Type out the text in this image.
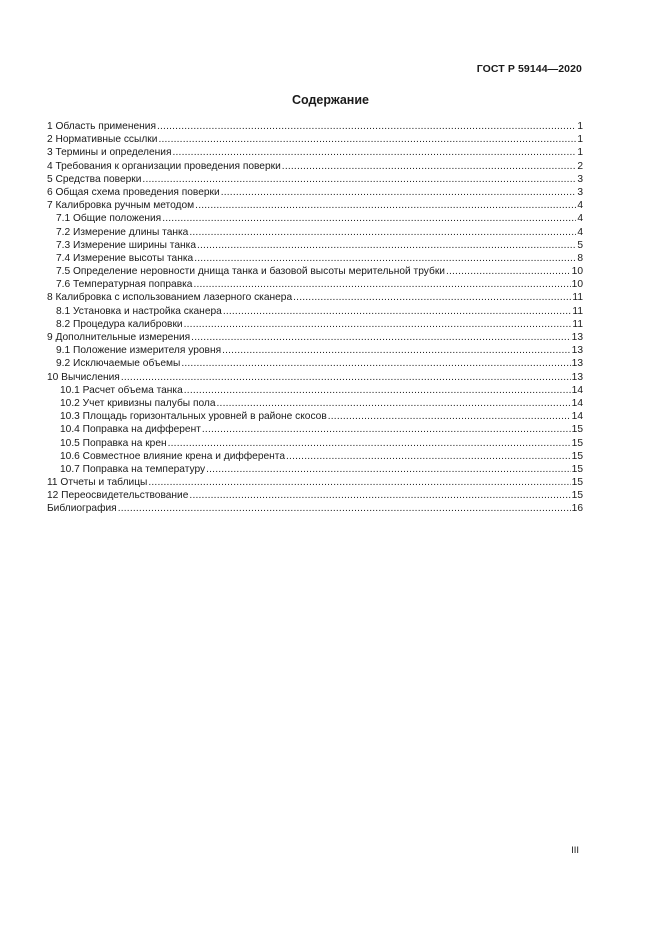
ГОСТ Р 59144—2020
Содержание
1 Область применения .....	1
2 Нормативные ссылки .....	1
3 Термины и определения .....	1
4 Требования к организации проведения поверки .....	2
5 Средства поверки .....	3
6 Общая схема проведения поверки .....	3
7 Калибровка ручным методом .....	4
7.1 Общие положения .....	4
7.2 Измерение длины танка .....	4
7.3 Измерение ширины танка .....	5
7.4 Измерение высоты танка .....	8
7.5 Определение неровности днища танка и базовой высоты мерительной трубки .....	10
7.6 Температурная поправка .....	10
8 Калибровка с использованием лазерного сканера .....	11
8.1 Установка и настройка сканера .....	11
8.2 Процедура калибровки .....	11
9 Дополнительные измерения .....	13
9.1 Положение измерителя уровня .....	13
9.2 Исключаемые объемы .....	13
10 Вычисления .....	13
10.1 Расчет объема танка .....	14
10.2 Учет кривизны палубы пола .....	14
10.3 Площадь горизонтальных уровней в районе скосов .....	14
10.4 Поправка на дифферент .....	15
10.5 Поправка на крен .....	15
10.6 Совместное влияние крена и дифферента .....	15
10.7 Поправка на температуру .....	15
11 Отчеты и таблицы .....	15
12 Переосвидетельствование .....	15
Библиография .....	16
III
